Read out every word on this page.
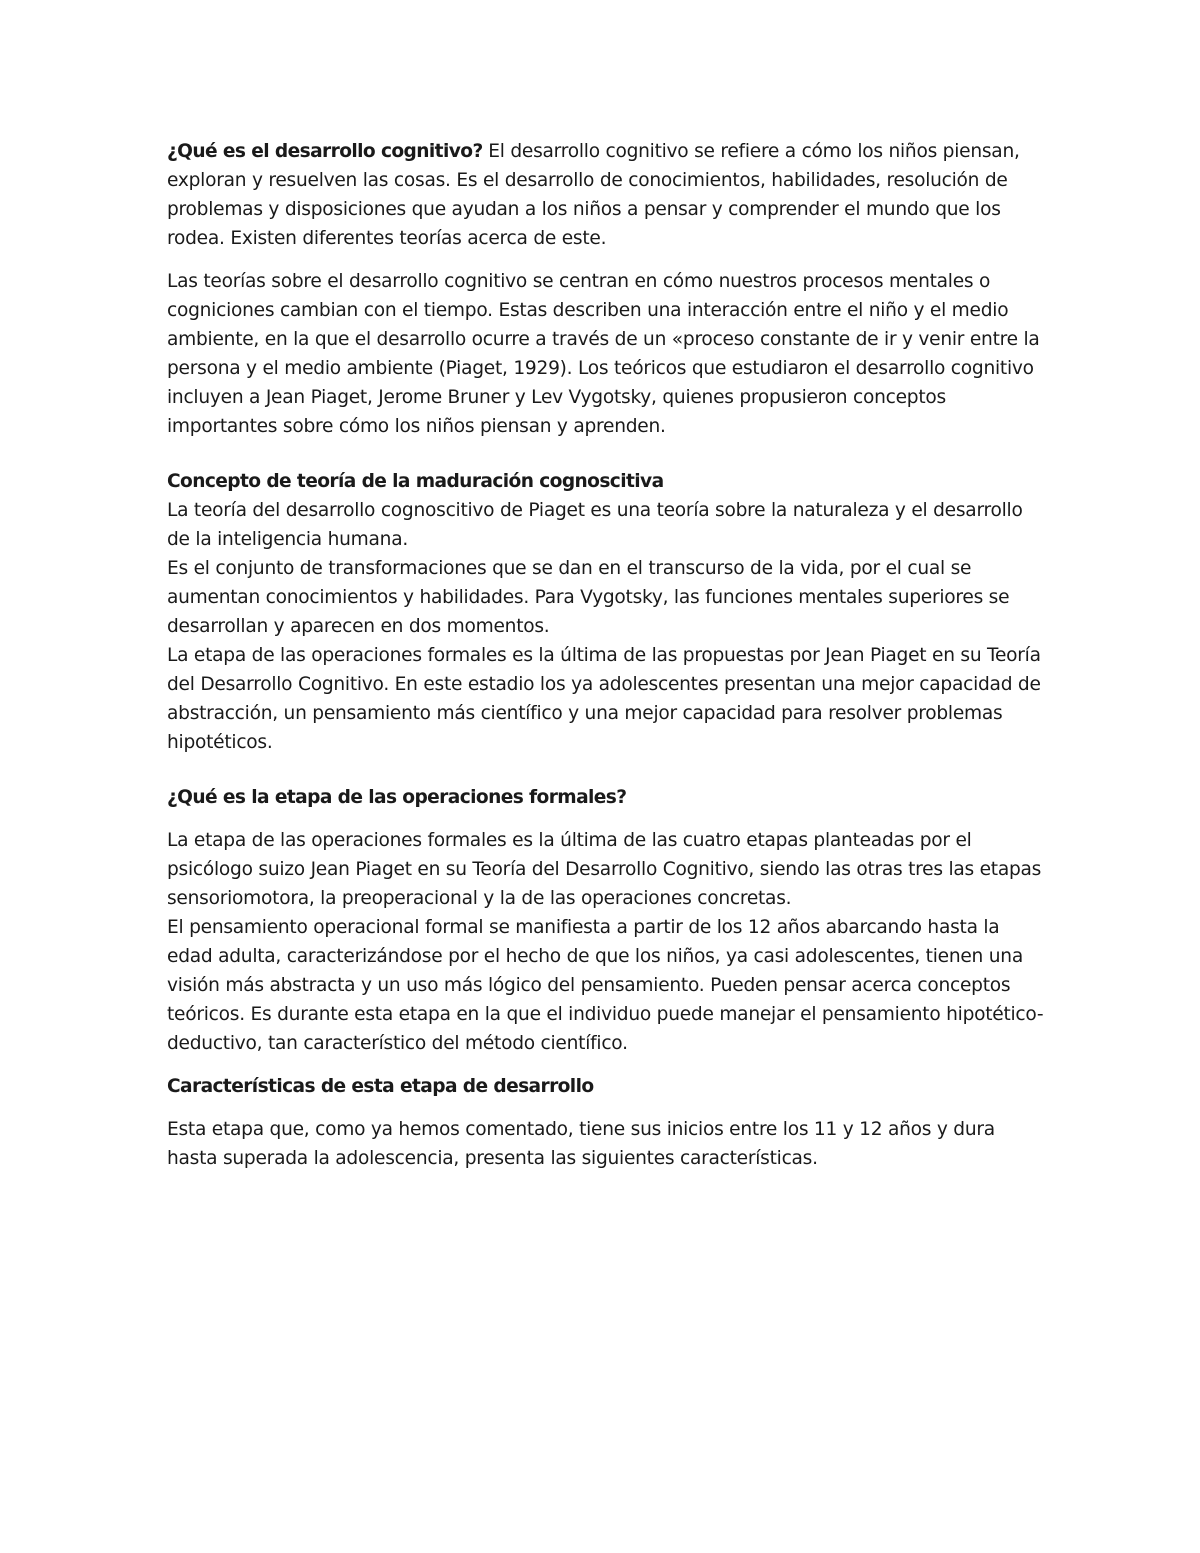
¿Qué es el desarrollo cognitivo? El desarrollo cognitivo se refiere a cómo los niños piensan, exploran y resuelven las cosas. Es el desarrollo de conocimientos, habilidades, resolución de problemas y disposiciones que ayudan a los niños a pensar y comprender el mundo que los rodea. Existen diferentes teorías acerca de este.

Las teorías sobre el desarrollo cognitivo se centran en cómo nuestros procesos mentales o cogniciones cambian con el tiempo. Estas describen una interacción entre el niño y el medio ambiente, en la que el desarrollo ocurre a través de un «proceso constante de ir y venir entre la persona y el medio ambiente (Piaget, 1929). Los teóricos que estudiaron el desarrollo cognitivo incluyen a Jean Piaget, Jerome Bruner y Lev Vygotsky, quienes propusieron conceptos importantes sobre cómo los niños piensan y aprenden.

Concepto de teoría de la maduración cognoscitiva

La teoría del desarrollo cognoscitivo de Piaget es una teoría sobre la naturaleza y el desarrollo de la inteligencia humana.

Es el conjunto de transformaciones que se dan en el transcurso de la vida, por el cual se aumentan conocimientos y habilidades. Para Vygotsky, las funciones mentales superiores se desarrollan y aparecen en dos momentos.

La etapa de las operaciones formales es la última de las propuestas por Jean Piaget en su Teoría del Desarrollo Cognitivo. En este estadio los ya adolescentes presentan una mejor capacidad de abstracción, un pensamiento más científico y una mejor capacidad para resolver problemas hipotéticos.

¿Qué es la etapa de las operaciones formales?

La etapa de las operaciones formales es la última de las cuatro etapas planteadas por el psicólogo suizo Jean Piaget en su Teoría del Desarrollo Cognitivo, siendo las otras tres las etapas sensoriomotora, la preoperacional y la de las operaciones concretas.

El pensamiento operacional formal se manifiesta a partir de los 12 años abarcando hasta la edad adulta, caracterizándose por el hecho de que los niños, ya casi adolescentes, tienen una visión más abstracta y un uso más lógico del pensamiento. Pueden pensar acerca conceptos teóricos. Es durante esta etapa en la que el individuo puede manejar el pensamiento hipotético-deductivo, tan característico del método científico.

Características de esta etapa de desarrollo

Esta etapa que, como ya hemos comentado, tiene sus inicios entre los 11 y 12 años y dura hasta superada la adolescencia, presenta las siguientes características.
